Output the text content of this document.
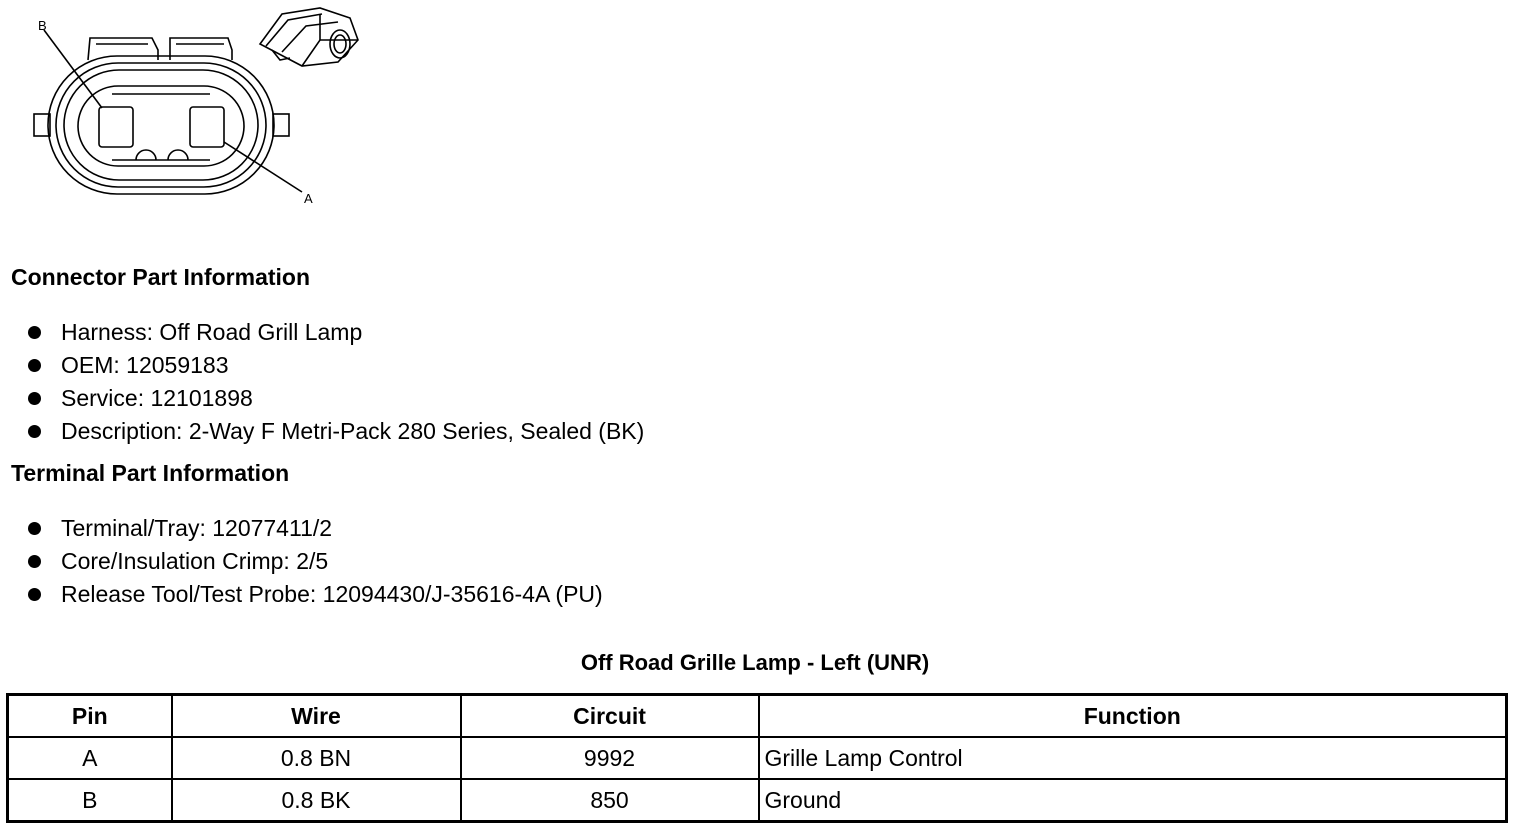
B
A
Connector Part Information
Harness: Off Road Grill Lamp
OEM: 12059183
Service: 12101898
Description: 2-Way F Metri-Pack 280 Series, Sealed (BK)
Terminal Part Information
Terminal/Tray: 12077411/2
Core/Insulation Crimp: 2/5
Release Tool/Test Probe: 12094430/J-35616-4A (PU)
Off Road Grille Lamp - Left (UNR)
Pin	Wire	Circuit	Function
A	0.8 BN	9992	Grille Lamp Control
B	0.8 BK	850	Ground
